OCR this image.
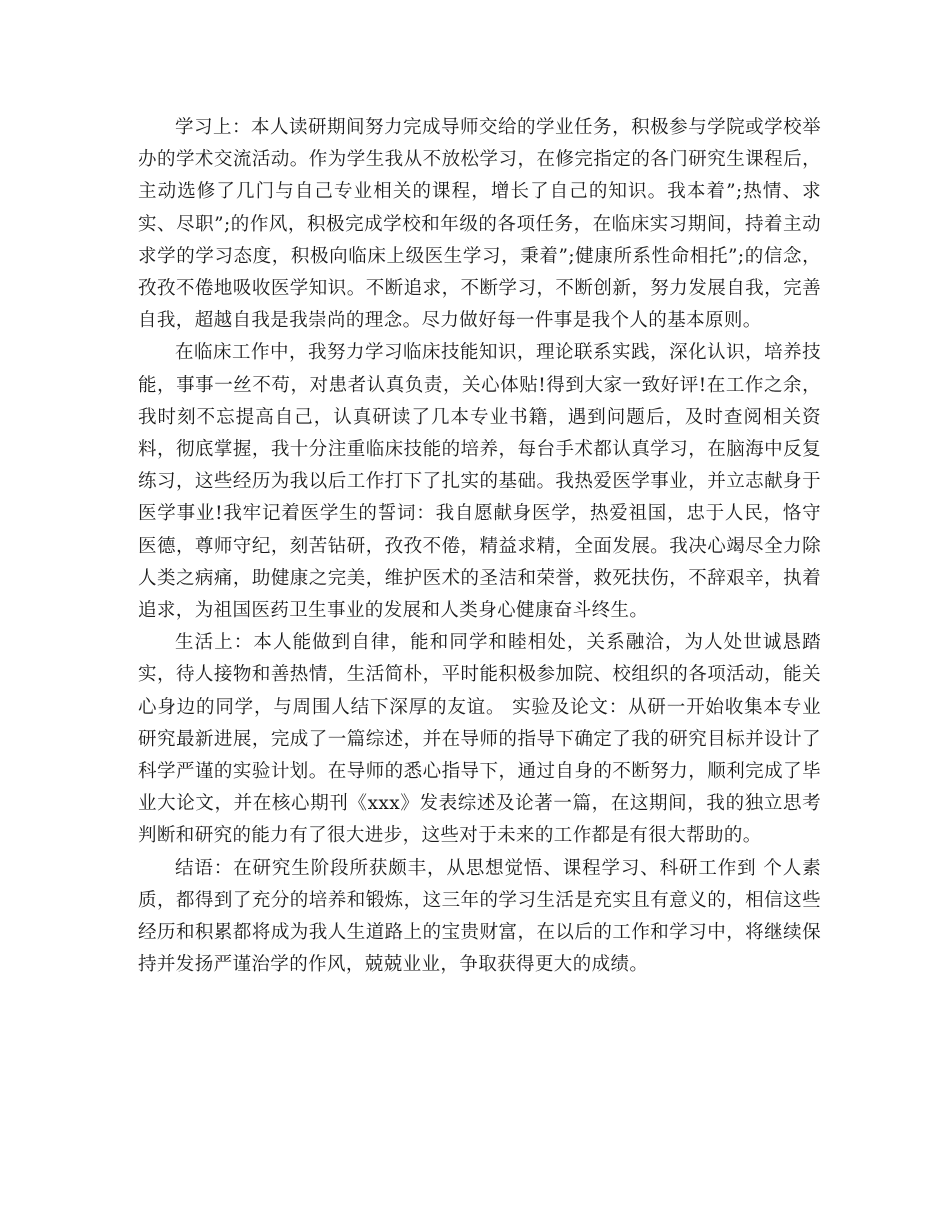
学习上：本人读研期间努力完成导师交给的学业任务，积极参与学院或学校举办的学术交流活动。作为学生我从不放松学习，在修完指定的各门研究生课程后，主动选修了几门与自己专业相关的课程，增长了自己的知识。我本着”;热情、求实、尽职”;的作风，积极完成学校和年级的各项任务，在临床实习期间，持着主动求学的学习态度，积极向临床上级医生学习，秉着”;健康所系性命相托”;的信念，孜孜不倦地吸收医学知识。不断追求，不断学习，不断创新，努力发展自我，完善自我，超越自我是我崇尚的理念。尽力做好每一件事是我个人的基本原则。

在临床工作中，我努力学习临床技能知识，理论联系实践，深化认识，培养技能，事事一丝不苟，对患者认真负责，关心体贴!得到大家一致好评!在工作之余，我时刻不忘提高自己，认真研读了几本专业书籍，遇到问题后，及时查阅相关资料，彻底掌握，我十分注重临床技能的培养，每台手术都认真学习，在脑海中反复练习，这些经历为我以后工作打下了扎实的基础。我热爱医学事业，并立志献身于医学事业!我牢记着医学生的誓词：我自愿献身医学，热爱祖国，忠于人民，恪守医德，尊师守纪，刻苦钻研，孜孜不倦，精益求精，全面发展。我决心竭尽全力除人类之病痛，助健康之完美，维护医术的圣洁和荣誉，救死扶伤，不辞艰辛，执着追求，为祖国医药卫生事业的发展和人类身心健康奋斗终生。

生活上：本人能做到自律，能和同学和睦相处，关系融洽，为人处世诚恳踏实，待人接物和善热情，生活简朴，平时能积极参加院、校组织的各项活动，能关心身边的同学，与周围人结下深厚的友谊。 实验及论文：从研一开始收集本专业研究最新进展，完成了一篇综述，并在导师的指导下确定了我的研究目标并设计了科学严谨的实验计划。在导师的悉心指导下，通过自身的不断努力，顺利完成了毕业大论文，并在核心期刊《xxx》发表综述及论著一篇，在这期间，我的独立思考判断和研究的能力有了很大进步，这些对于未来的工作都是有很大帮助的。

结语：在研究生阶段所获颇丰，从思想觉悟、课程学习、科研工作到 个人素质，都得到了充分的培养和锻炼，这三年的学习生活是充实且有意义的，相信这些经历和积累都将成为我人生道路上的宝贵财富，在以后的工作和学习中，将继续保持并发扬严谨治学的作风，兢兢业业，争取获得更大的成绩。
